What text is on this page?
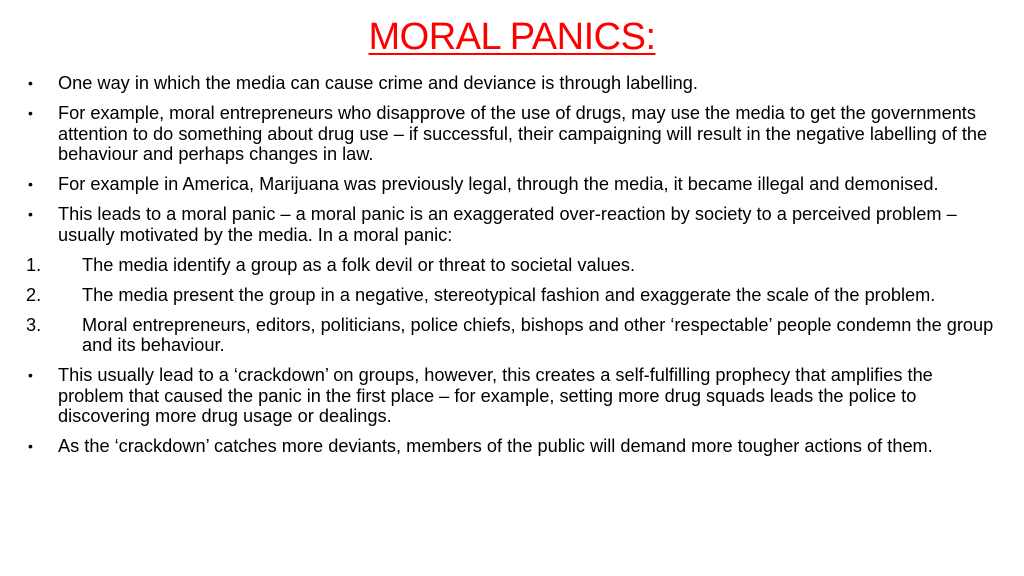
MORAL PANICS:
• One way in which the media can cause crime and deviance is through labelling.
• For example, moral entrepreneurs who disapprove of the use of drugs, may use the media to get the governments attention to do something about drug use – if successful, their campaigning will result in the negative labelling of the behaviour and perhaps changes in law.
• For example in America, Marijuana was previously legal, through the media, it became illegal and demonised.
• This leads to a moral panic – a moral panic is an exaggerated over-reaction by society to a perceived problem – usually motivated by the media. In a moral panic:
1. The media identify a group as a folk devil or threat to societal values.
2. The media present the group in a negative, stereotypical fashion and exaggerate the scale of the problem.
3. Moral entrepreneurs, editors, politicians, police chiefs, bishops and other ‘respectable’ people condemn the group and its behaviour.
• This usually lead to a ‘crackdown’ on groups, however, this creates a self-fulfilling prophecy that amplifies the problem that caused the panic in the first place – for example, setting more drug squads leads the police to discovering more drug usage or dealings.
• As the ‘crackdown’ catches more deviants, members of the public will demand more tougher actions of them.
